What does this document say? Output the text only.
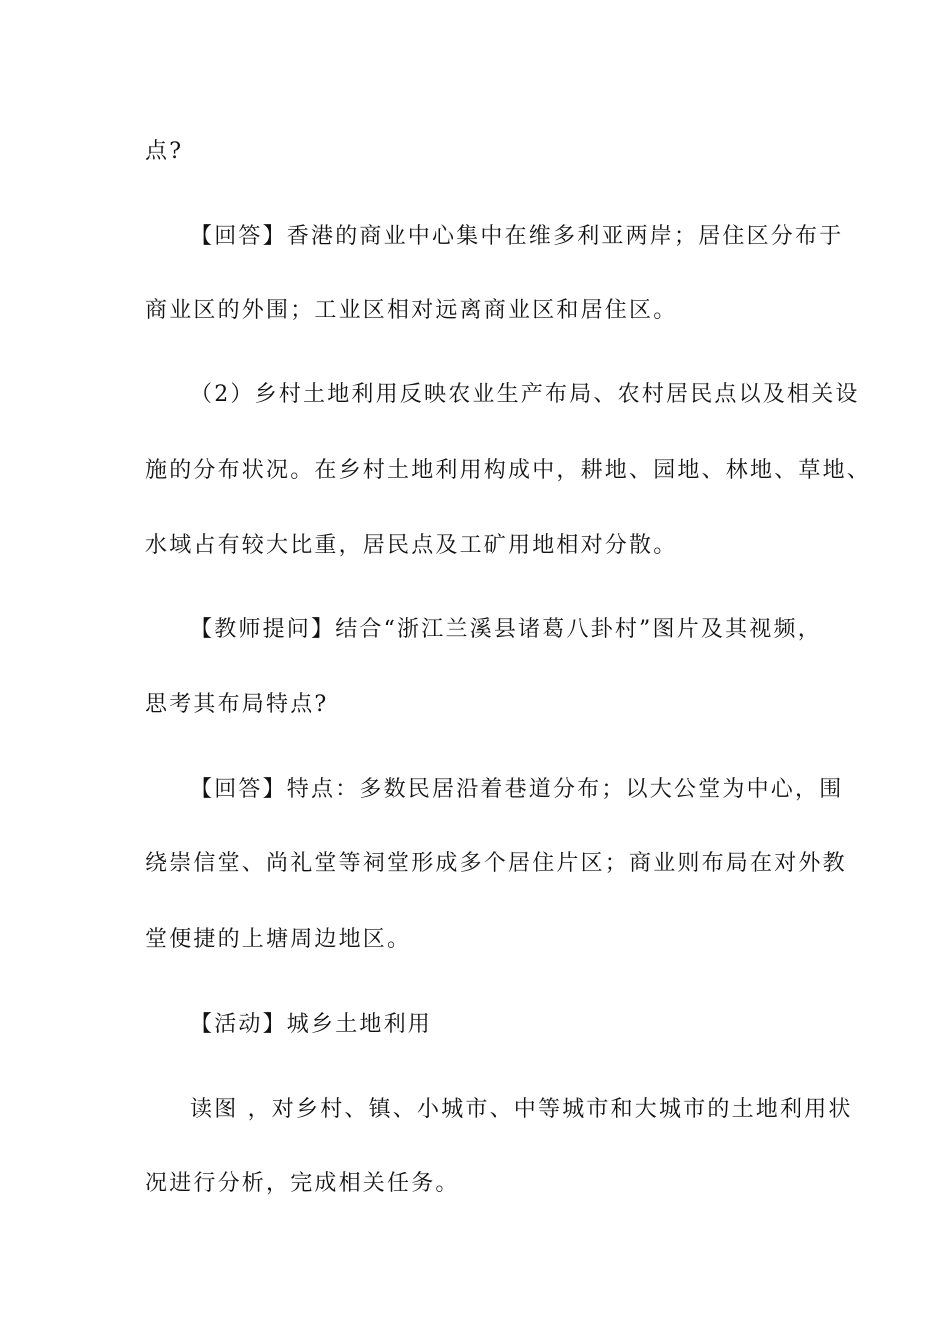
点?
【回答】香港的商业中心集中在维多利亚两岸；居住区分布于
商业区的外围；工业区相对远离商业区和居住区。
（2）乡村土地利用反映农业生产布局、农村居民点以及相关设
施的分布状况。在乡村土地利用构成中，耕地、园地、林地、草地、
水域占有较大比重，居民点及工矿用地相对分散。
【教师提问】结合“浙江兰溪县诸葛八卦村”图片及其视频，
思考其布局特点?
【回答】特点：多数民居沿着巷道分布；以大公堂为中心，围
绕崇信堂、尚礼堂等祠堂形成多个居住片区；商业则布局在对外教
堂便捷的上塘周边地区。
【活动】城乡土地利用
读图 ，对乡村、镇、小城市、中等城市和大城市的土地利用状
况进行分析，完成相关任务。
